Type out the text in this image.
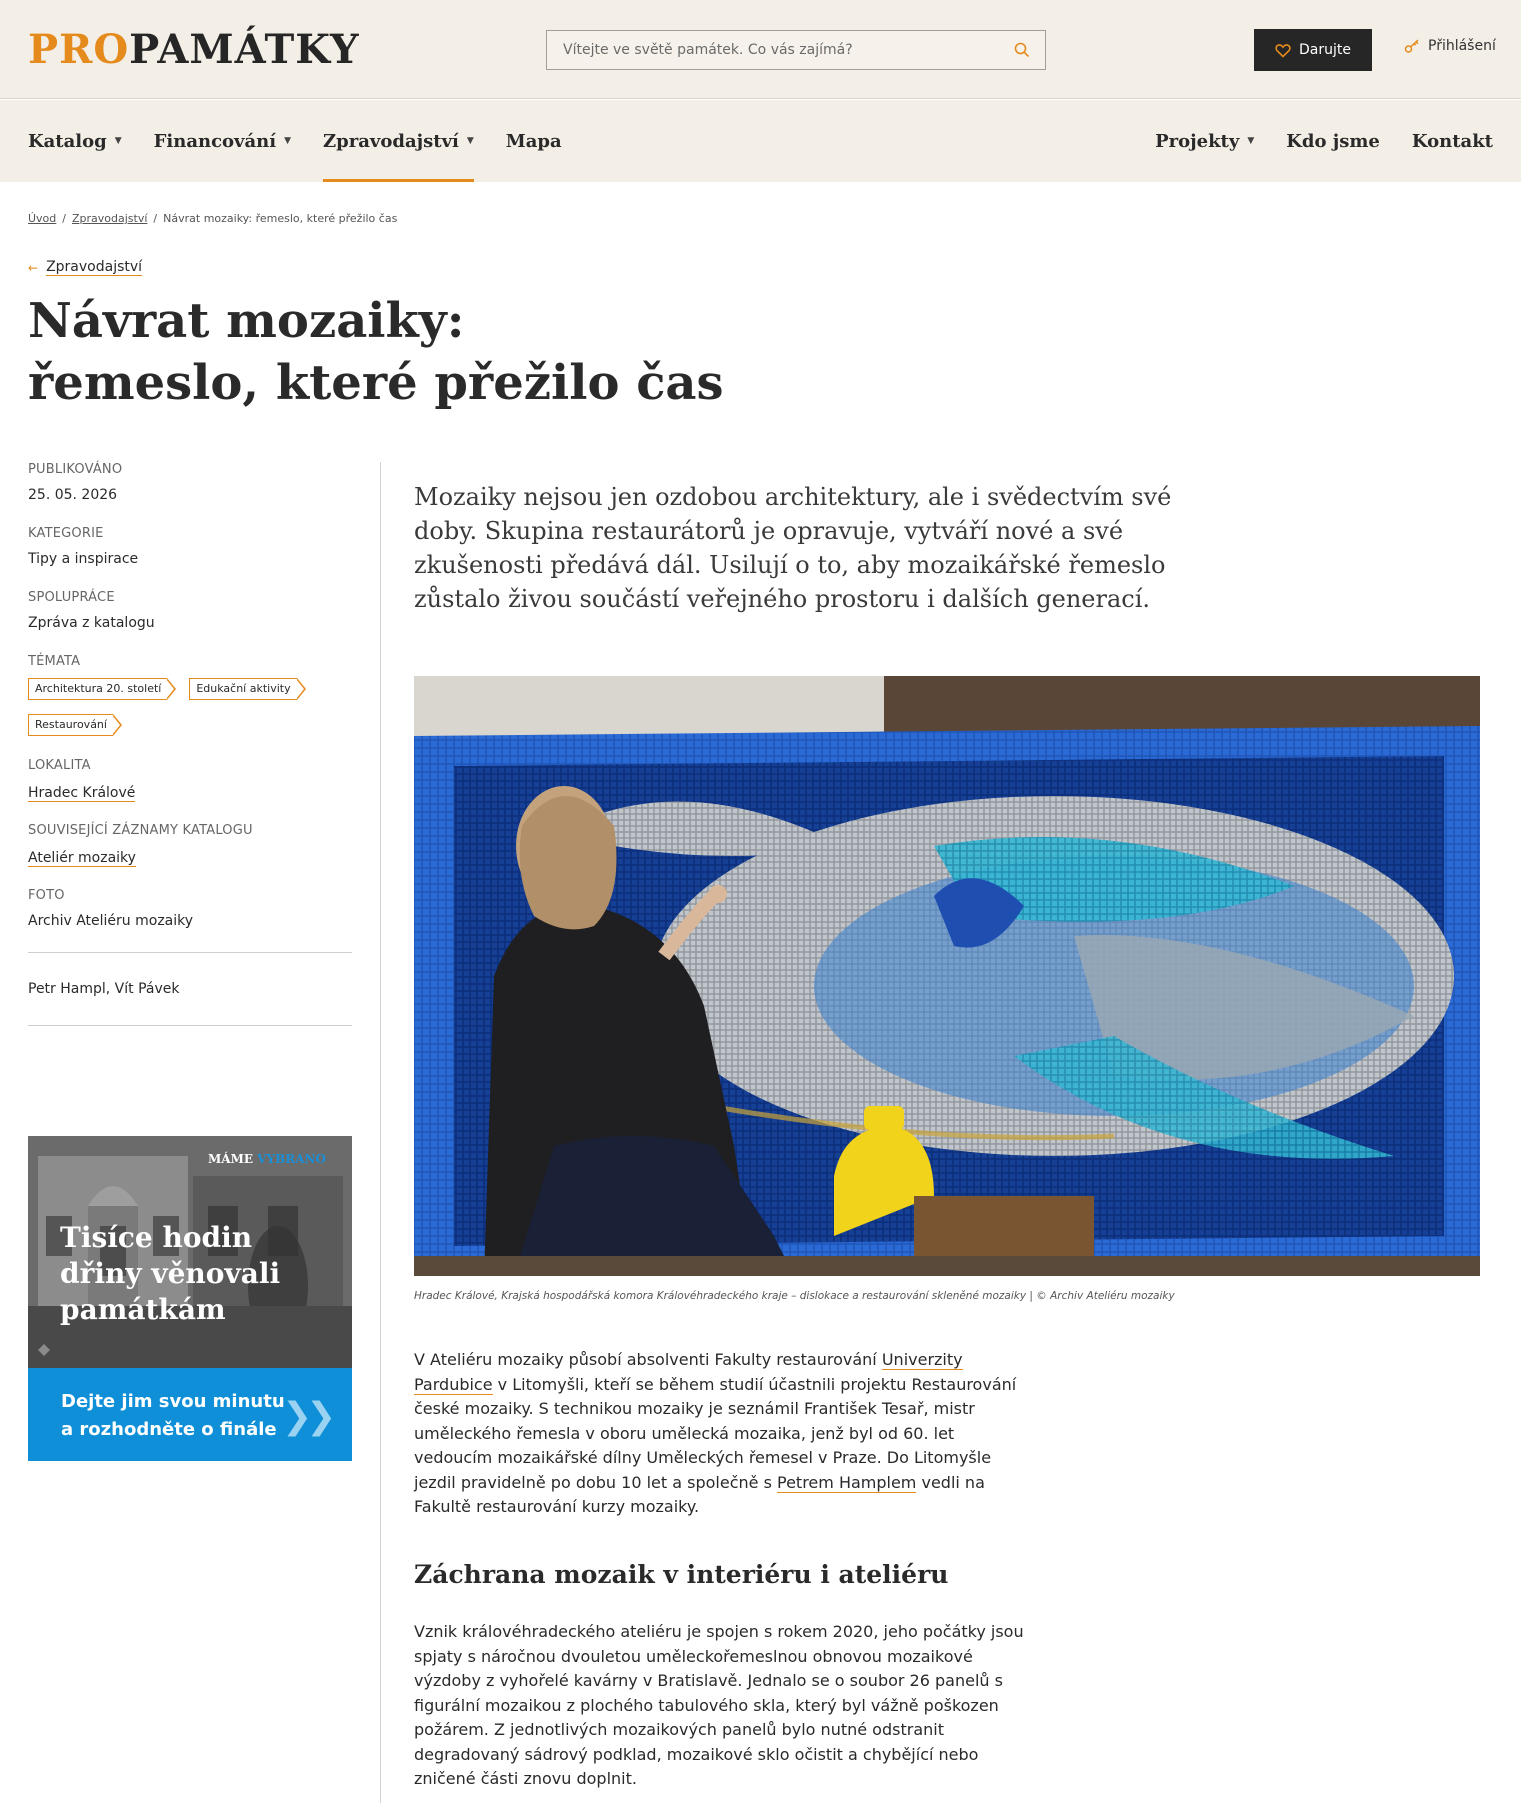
PROPAMÁTKY
Vítejte ve světě památek. Co vás zajímá?	Darujte	Přihlášení
Katalog ▼ Financování ▼ Zpravodajství ▼ Mapa	Projekty ▼ Kdo jsme Kontakt
Úvod / Zpravodajství / Návrat mozaiky: řemeslo, které přežilo čas
← Zpravodajství
Návrat mozaiky:
řemeslo, které přežilo čas
PUBLIKOVÁNO
25. 05. 2026
KATEGORIE
Tipy a inspirace
SPOLUPRÁCE
Zpráva z katalogu
TÉMATA
Architektura 20. století	Edukační aktivity
Restaurování
LOKALITA
Hradec Králové
SOUVISEJÍCÍ ZÁZNAMY KATALOGU
Ateliér mozaiky
FOTO
Archiv Ateliéru mozaiky
Petr Hampl, Vít Pávek
MÁME VYBRANO
Tisíce hodin dřiny věnovali památkám
Dejte jim svou minutu a rozhodněte o finále ❯❯

Mozaiky nejsou jen ozdobou architektury, ale i svědectvím své doby. Skupina restaurátorů je opravuje, vytváří nové a své zkušenosti předává dál. Usilují o to, aby mozaikářské řemeslo zůstalo živou součástí veřejného prostoru i dalších generací.

Hradec Králové, Krajská hospodářská komora Královéhradeckého kraje – dislokace a restaurování skleněné mozaiky | © Archiv Ateliéru mozaiky

V Ateliéru mozaiky působí absolventi Fakulty restaurování Univerzity Pardubice v Litomyšli, kteří se během studií účastnili projektu Restaurování české mozaiky. S technikou mozaiky je seznámil František Tesař, mistr uměleckého řemesla v oboru umělecká mozaika, jenž byl od 60. let vedoucím mozaikářské dílny Uměleckých řemesel v Praze. Do Litomyšle jezdil pravidelně po dobu 10 let a společně s Petrem Hamplem vedli na Fakultě restaurování kurzy mozaiky.

Záchrana mozaik v interiéru i ateliéru

Vznik královéhradeckého ateliéru je spojen s rokem 2020, jeho počátky jsou spjaty s náročnou dvouletou uměleckořemeslnou obnovou mozaikové výzdoby z vyhořelé kavárny v Bratislavě. Jednalo se o soubor 26 panelů s figurální mozaikou z plochého tabulového skla, který byl vážně poškozen požárem. Z jednotlivých mozaikových panelů bylo nutné odstranit degradovaný sádrový podklad, mozaikové sklo očistit a chybějící nebo zničené části znovu doplnit.
